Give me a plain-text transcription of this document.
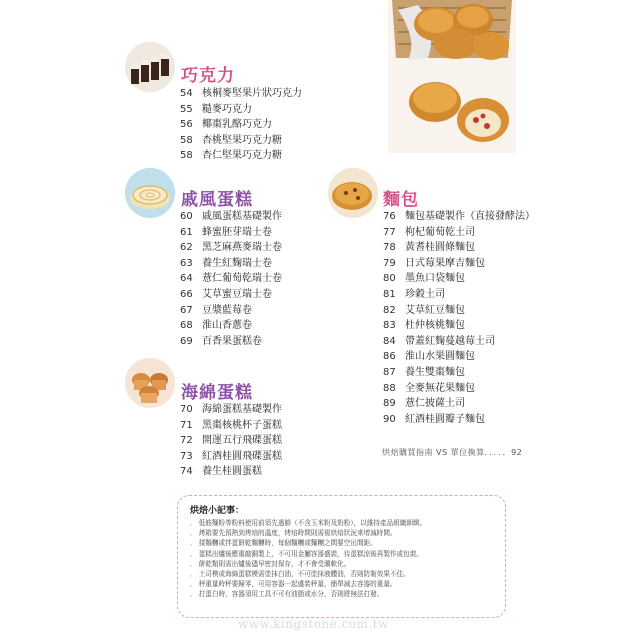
巧克力
54 核桐麥堅果片狀巧克力
55 糙麥巧克力
56 椰棗乳酪巧克力
58 杏桃堅果巧克力糖
58 杏仁堅果巧克力糖
戚風蛋糕
60 戚風蛋糕基礎製作
61 蜂蜜胚芽瑞士卷
62 黑芝麻燕麥瑞士卷
63 養生紅麴瑞士卷
64 薏仁葡萄乾瑞士卷
66 艾草蜜豆瑞士卷
67 豆漿藍莓卷
68 淮山香蔥卷
69 百香果蛋糕卷
海綿蛋糕
70 海綿蛋糕基礎製作
71 黑棗核桃杯子蛋糕
72 開運五行飛碟蛋糕
73 紅酒桂圓飛碟蛋糕
74 養生桂圓蛋糕
麵包
76 麵包基礎製作（直接發酵法）
77 枸杞葡萄乾土司
78 黃耆桂圓條麵包
79 日式莓果摩吉麵包
80 墨魚口袋麵包
81 珍穀土司
82 艾草紅豆麵包
83 杜仲核桃麵包
84 帶蓋紅麴蔓越莓土司
86 淮山水果圓麵包
87 養生雙棗麵包
88 全麥無花果麵包
89 薏仁披薩土司
90 紅酒桂圓瓣子麵包
烘焙購買指南 VS 單位換算．．．．．92
烘焙小記事：
． 低筋麵粉等粉料使用前須先過篩（不含玉米粉及奶粉），以維持產品組織細緻。
． 烤箱要先預熱到烤焙的溫度，烤焙時間則需視烘焙狀況來增減時間。
． 揉麵糰或拌蛋餅乾麵糰時，每個麵糰或麵糰之間要空出間距。
． 蛋糕出爐後應重敲銅製上，不可用金屬容器盛裝，待蛋糕涼後再製作或包裝。
． 餅乾類則需出爐後儘早密封保存，才不會受潮軟化。
． 土司模或海綿蛋糕模需塗抹白油，不可塗抹液體油，否則防黏效果不佳。
． 秤重量時秤要歸零，可用容器一起盛裝秤量，簡單減去容器的重量。
． 打蛋白時，容器須用工具不可有油脂或水分，否則將無法打發。
www.kingstone.com.tw
